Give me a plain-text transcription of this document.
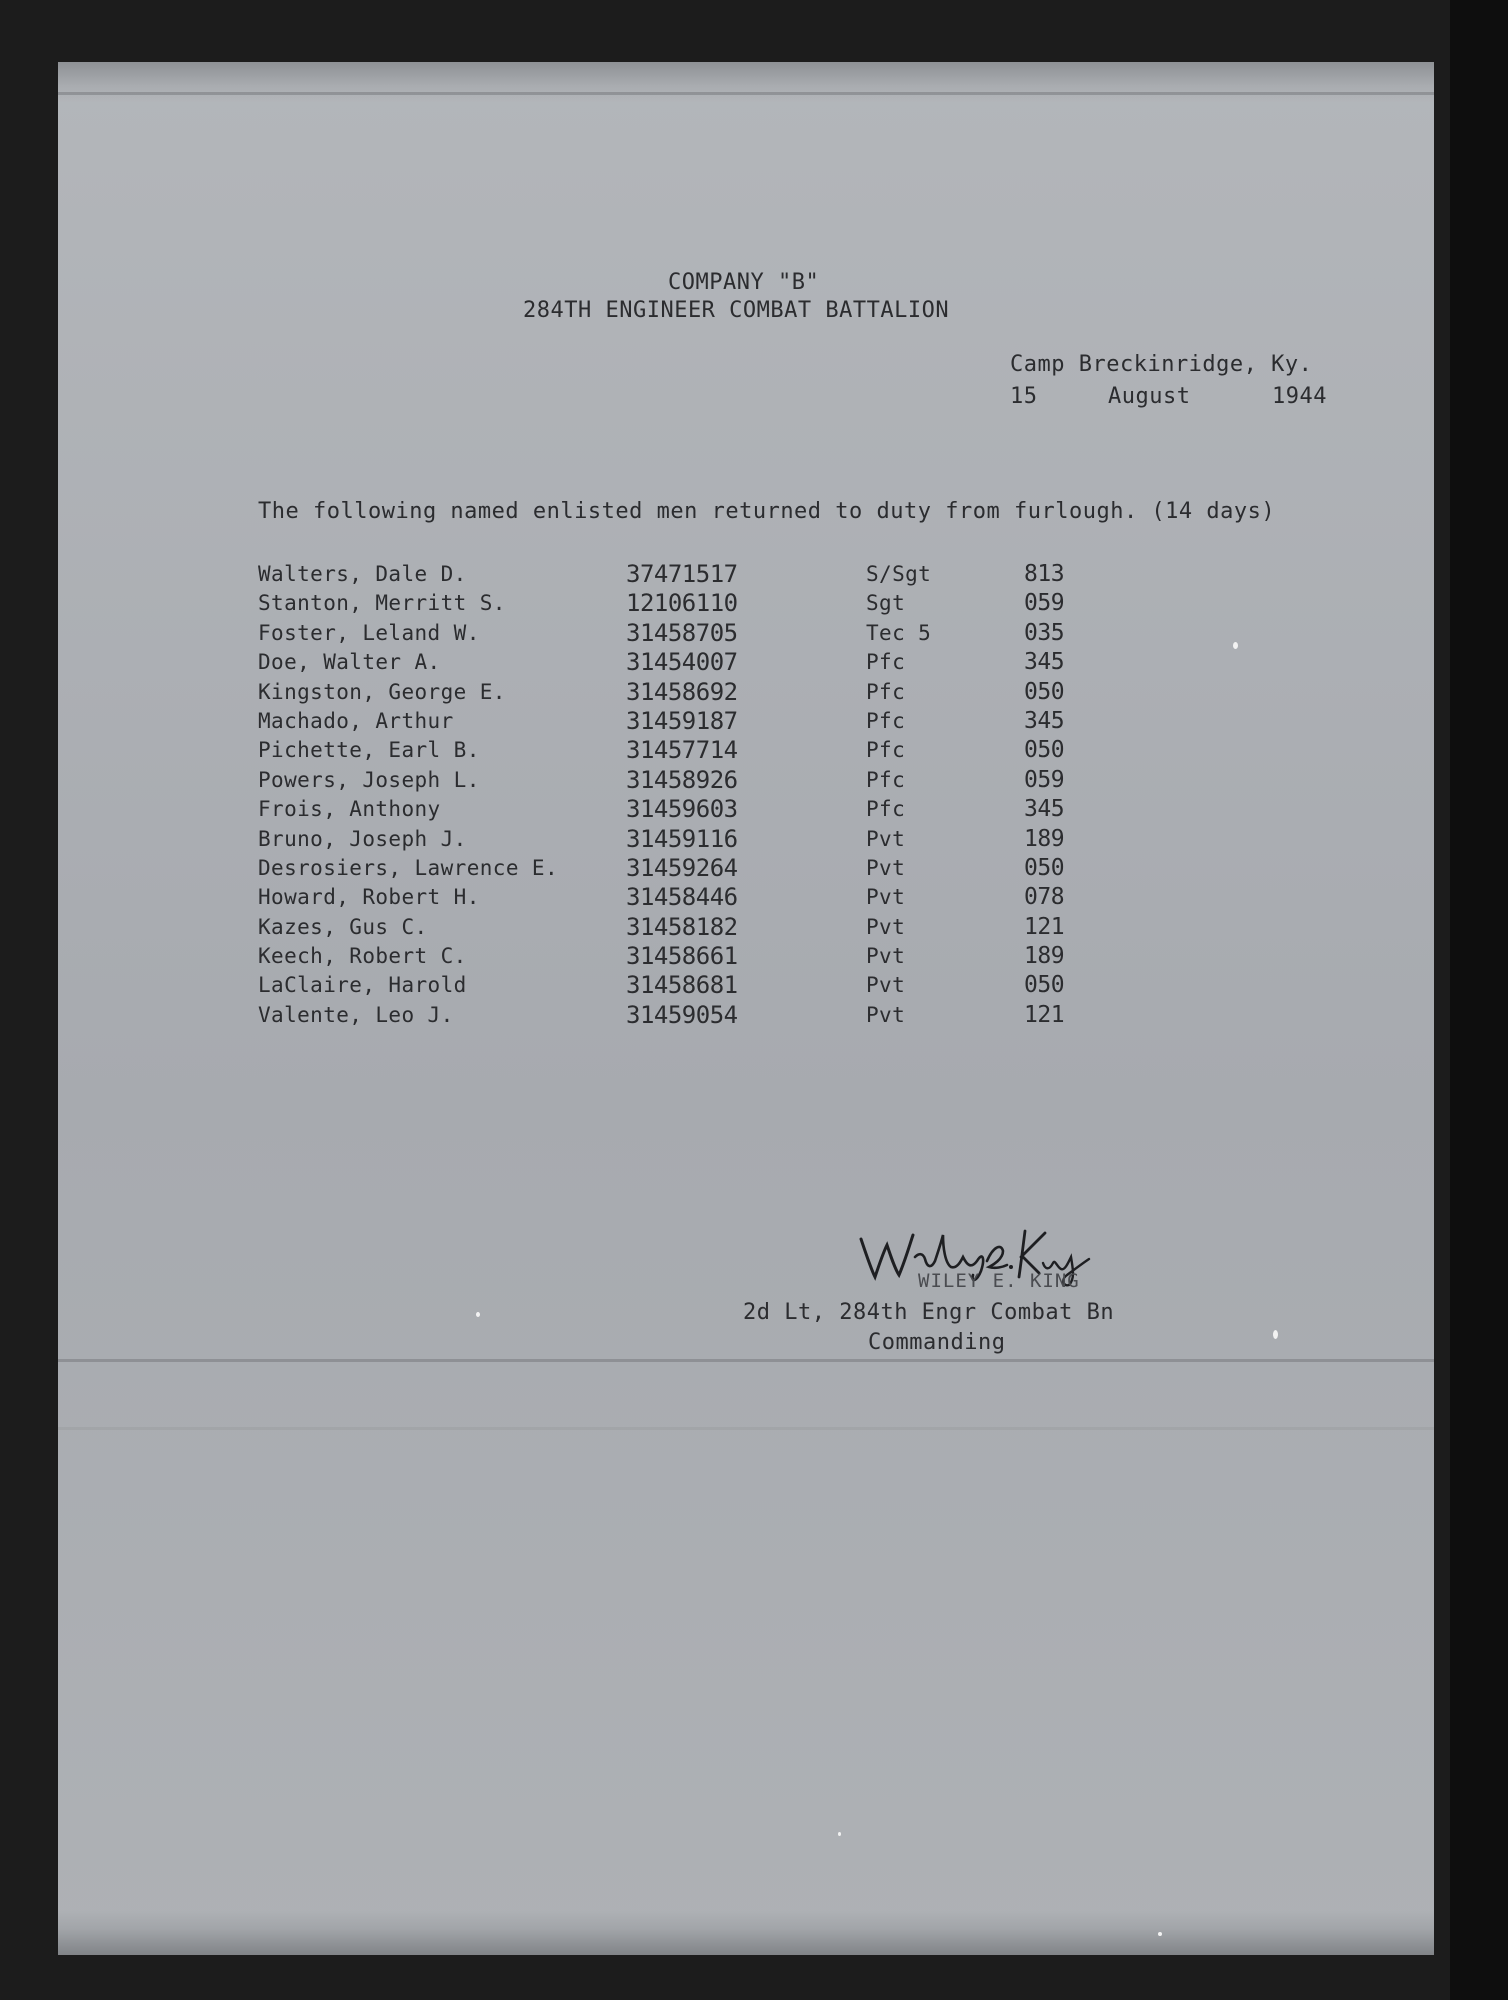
COMPANY "B"
284TH ENGINEER COMBAT BATTALION
Camp Breckinridge, Ky.
15	August	1944
The following named enlisted men returned to duty from furlough. (14 days)
Walters, Dale D.	37471517	S/Sgt	813
Stanton, Merritt S.	12106110	Sgt	059
Foster, Leland W.	31458705	Tec 5	035
Doe, Walter A.	31454007	Pfc	345
Kingston, George E.	31458692	Pfc	050
Machado, Arthur	31459187	Pfc	345
Pichette, Earl B.	31457714	Pfc	050
Powers, Joseph L.	31458926	Pfc	059
Frois, Anthony	31459603	Pfc	345
Bruno, Joseph J.	31459116	Pvt	189
Desrosiers, Lawrence E.	31459264	Pvt	050
Howard, Robert H.	31458446	Pvt	078
Kazes, Gus C.	31458182	Pvt	121
Keech, Robert C.	31458661	Pvt	189
LaClaire, Harold	31458681	Pvt	050
Valente, Leo J.	31459054	Pvt	121
WILEY E. KING
2d Lt, 284th Engr Combat Bn
Commanding
